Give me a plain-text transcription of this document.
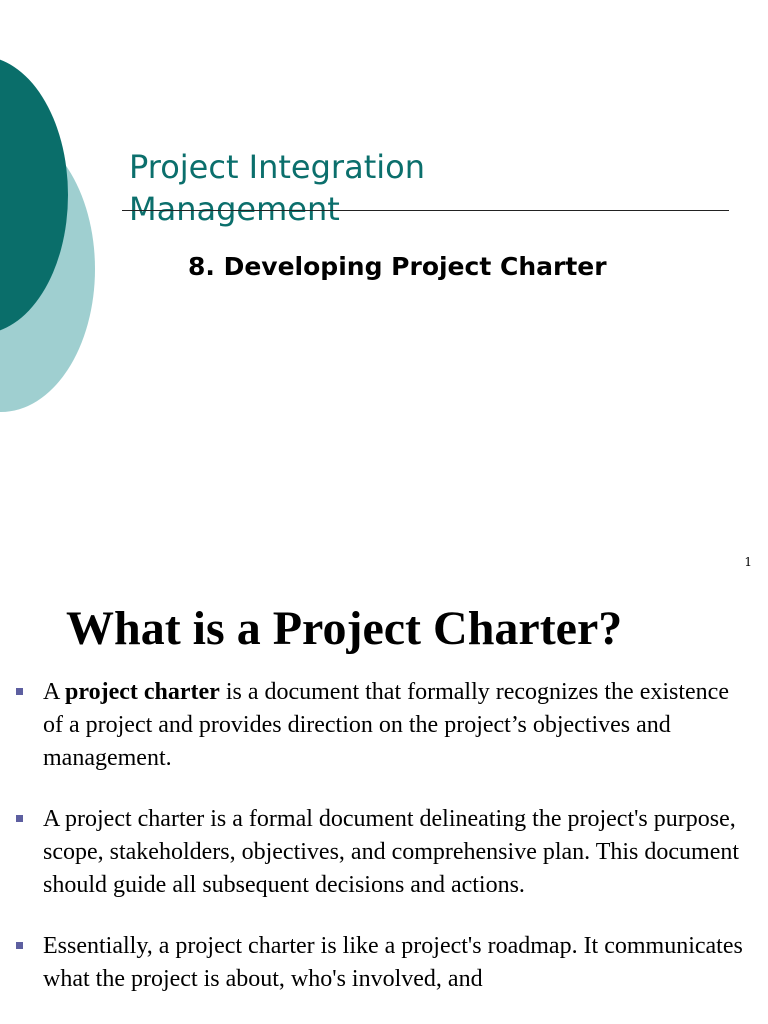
Project Integration
Management
8. Developing Project Charter
1
What is a Project Charter?
A project charter is a document that formally recognizes the existence of a project and provides direction on the project’s objectives and management.
A project charter is a formal document delineating the project's purpose, scope, stakeholders, objectives, and comprehensive plan. This document should guide all subsequent decisions and actions.
Essentially, a project charter is like a project's roadmap. It communicates what the project is about, who's involved, and
